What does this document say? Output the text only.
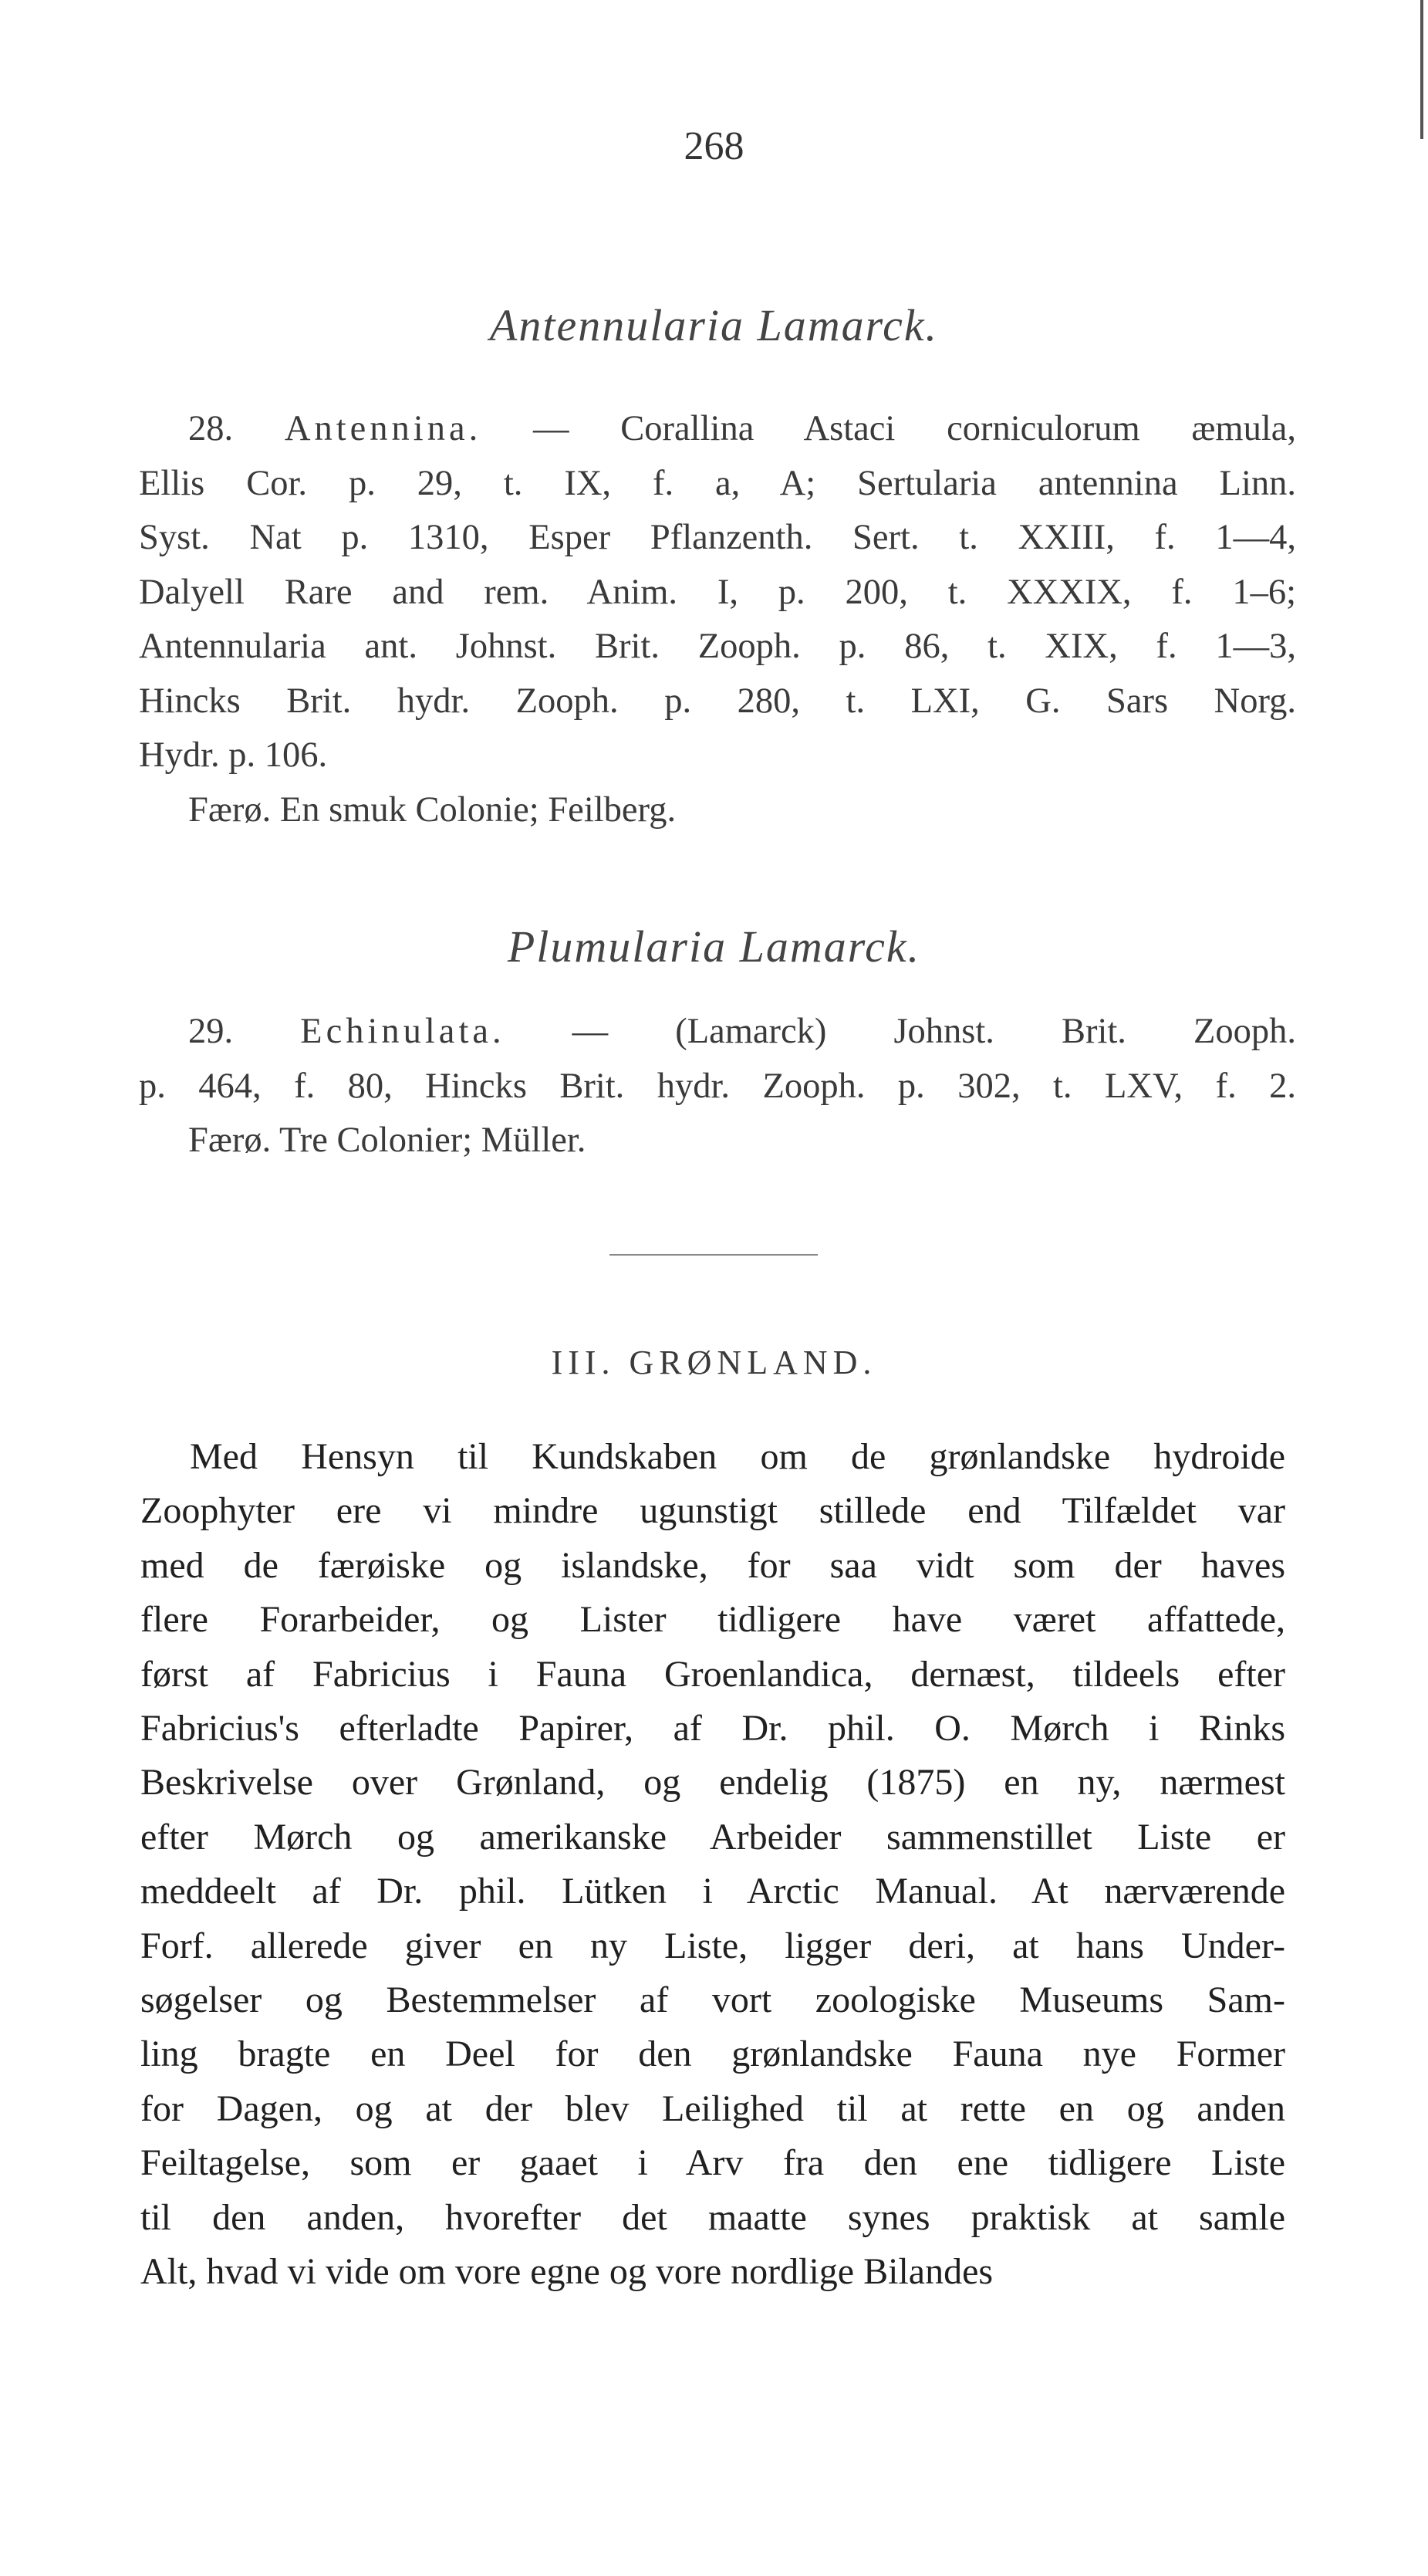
268
Antennularia Lamarck.
28. Antennina. — Corallina Astaci corniculorum æmula,
Ellis Cor. p. 29, t. IX, f. a, A; Sertularia antennina Linn.
Syst. Nat p. 1310, Esper Pflanzenth. Sert. t. XXIII, f. 1—4,
Dalyell Rare and rem. Anim. I, p. 200, t. XXXIX, f. 1–6;
Antennularia ant. Johnst. Brit. Zooph. p. 86, t. XIX, f. 1—3,
Hincks Brit. hydr. Zooph. p. 280, t. LXI, G. Sars Norg.
Hydr. p. 106.
Færø. En smuk Colonie; Feilberg.
Plumularia Lamarck.
29. Echinulata. — (Lamarck) Johnst. Brit. Zooph.
p. 464, f. 80, Hincks Brit. hydr. Zooph. p. 302, t. LXV, f. 2.
Færø. Tre Colonier; Müller.
III. GRØNLAND.
Med Hensyn til Kundskaben om de grønlandske hydroide
Zoophyter ere vi mindre ugunstigt stillede end Tilfældet var
med de færøiske og islandske, for saa vidt som der haves
flere Forarbeider, og Lister tidligere have været affattede,
først af Fabricius i Fauna Groenlandica, dernæst, tildeels efter
Fabricius's efterladte Papirer, af Dr. phil. O. Mørch i Rinks
Beskrivelse over Grønland, og endelig (1875) en ny, nærmest
efter Mørch og amerikanske Arbeider sammenstillet Liste er
meddeelt af Dr. phil. Lütken i Arctic Manual. At nærværende
Forf. allerede giver en ny Liste, ligger deri, at hans Under-
søgelser og Bestemmelser af vort zoologiske Museums Sam-
ling bragte en Deel for den grønlandske Fauna nye Former
for Dagen, og at der blev Leilighed til at rette en og anden
Feiltagelse, som er gaaet i Arv fra den ene tidligere Liste
til den anden, hvorefter det maatte synes praktisk at samle
Alt, hvad vi vide om vore egne og vore nordlige Bilandes
